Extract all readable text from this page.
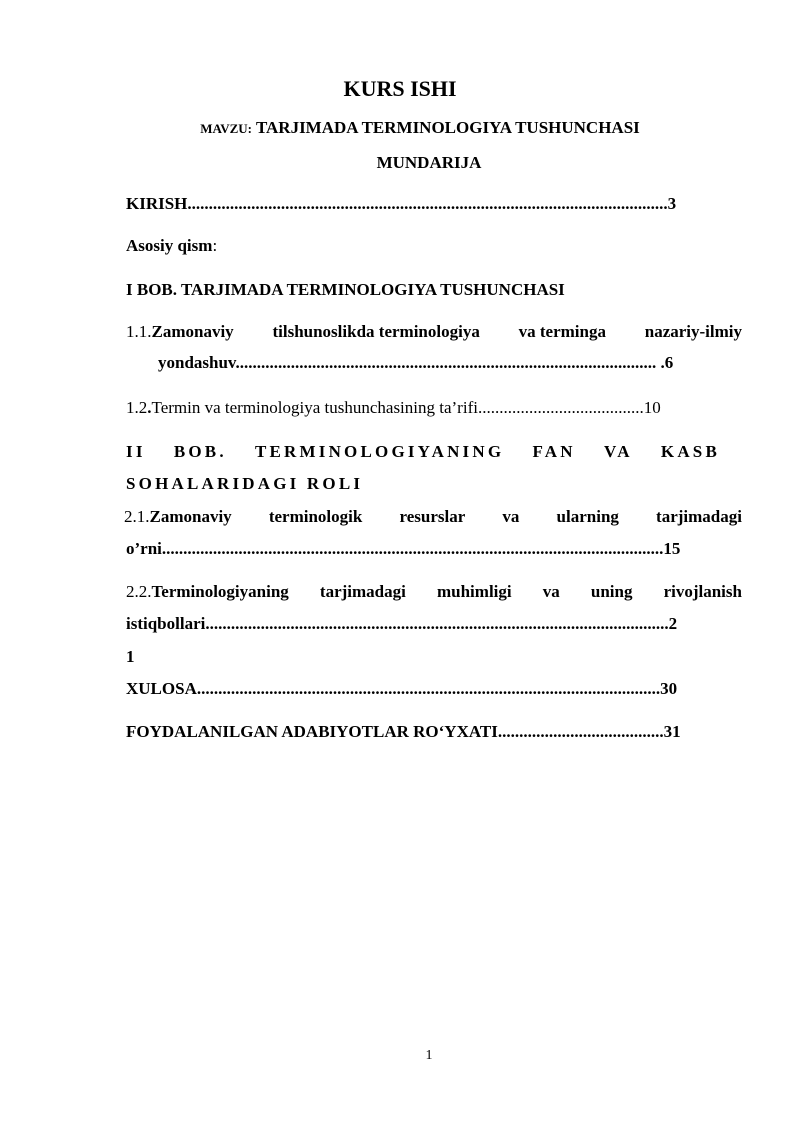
KURS ISHI
MAVZU: TARJIMADA TERMINOLOGIYA TUSHUNCHASI
MUNDARIJA
KIRISH.................................................................................................................3
Asosiy qism:
I BOB. TARJIMADA TERMINOLOGIYA TUSHUNCHASI
1.1.Zamonaviy tilshunoslikda terminologiya va terminga nazariy-ilmiy
yondashuv................................................................................................... .6
1.2.Termin va terminologiya tushunchasining ta’rifi.......................................10
II BOB. TERMINOLOGIYANING FAN VA KASB
SOHALARIDAGI ROLI
2.1.Zamonaviy terminologik resurslar va ularning tarjimadagi
o’rni......................................................................................................................15
2.2.Terminologiyaning tarjimadagi muhimligi va uning rivojlanish
istiqbollari.............................................................................................................2
1
XULOSA.............................................................................................................30
FOYDALANILGAN ADABIYOTLAR RO‘YXATI.......................................31
1
